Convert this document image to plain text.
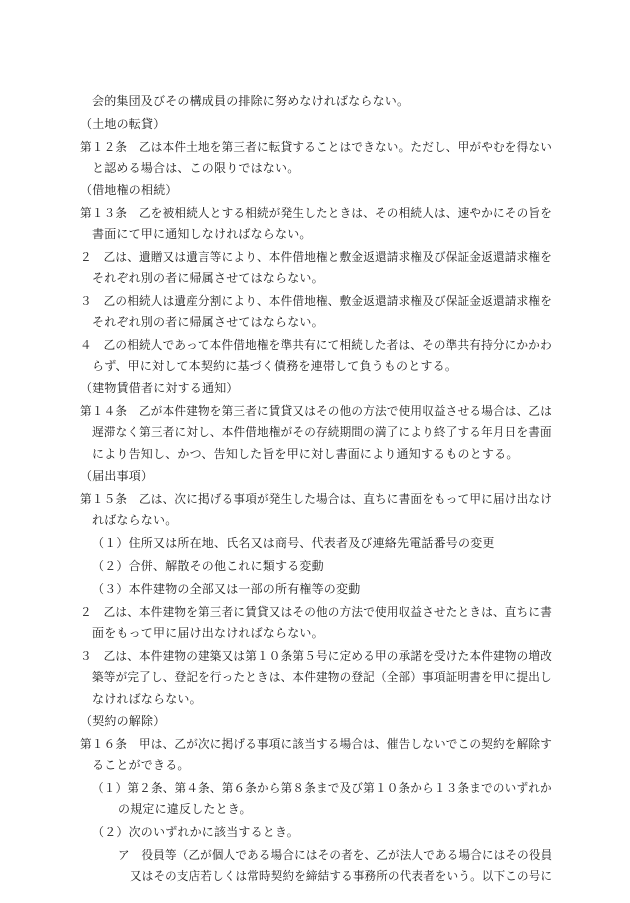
会的集団及びその構成員の排除に努めなければならない。
（土地の転貸）
第１２条　乙は本件土地を第三者に転貸することはできない。ただし、甲がやむを得ない
と認める場合は、この限りではない。
（借地権の相続）
第１３条　乙を被相続人とする相続が発生したときは、その相続人は、速やかにその旨を
書面にて甲に通知しなければならない。
２　乙は、遺贈又は遺言等により、本件借地権と敷金返還請求権及び保証金返還請求権を
それぞれ別の者に帰属させてはならない。
３　乙の相続人は遺産分割により、本件借地権、敷金返還請求権及び保証金返還請求権を
それぞれ別の者に帰属させてはならない。
４　乙の相続人であって本件借地権を準共有にて相続した者は、その準共有持分にかかわ
らず、甲に対して本契約に基づく債務を連帯して負うものとする。
（建物賃借者に対する通知）
第１４条　乙が本件建物を第三者に賃貸又はその他の方法で使用収益させる場合は、乙は
遅滞なく第三者に対し、本件借地権がその存続期間の満了により終了する年月日を書面
により告知し、かつ、告知した旨を甲に対し書面により通知するものとする。
（届出事項）
第１５条　乙は、次に掲げる事項が発生した場合は、直ちに書面をもって甲に届け出なけ
ればならない。
（１）住所又は所在地、氏名又は商号、代表者及び連絡先電話番号の変更
（２）合併、解散その他これに類する変動
（３）本件建物の全部又は一部の所有権等の変動
２　乙は、本件建物を第三者に賃貸又はその他の方法で使用収益させたときは、直ちに書
面をもって甲に届け出なければならない。
３　乙は、本件建物の建築又は第１０条第５号に定める甲の承諾を受けた本件建物の増改
築等が完了し、登記を行ったときは、本件建物の登記（全部）事項証明書を甲に提出し
なければならない。
（契約の解除）
第１６条　甲は、乙が次に掲げる事項に該当する場合は、催告しないでこの契約を解除す
ることができる。
（１）第２条、第４条、第６条から第８条まで及び第１０条から１３条までのいずれか
の規定に違反したとき。
（２）次のいずれかに該当するとき。
ア　役員等（乙が個人である場合にはその者を、乙が法人である場合にはその役員
又はその支店若しくは常時契約を締結する事務所の代表者をいう。以下この号に
